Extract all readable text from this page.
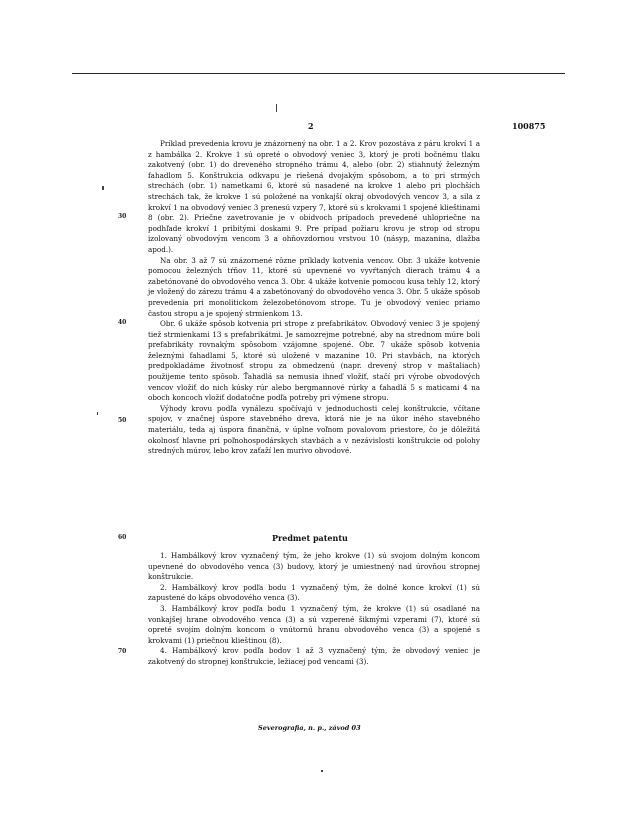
2	100875
30
40
50
60
70

Príklad prevedenia krovu je znázornený na obr. 1 a 2. Krov pozostáva z páru krokví 1 a z hambálka 2. Krokve 1 sú opreté o obvodový veniec 3, ktorý je proti bočnému tlaku zakotvený (obr. 1) do dreveného stropného trámu 4, alebo (obr. 2) stiahnutý železným fahadlom 5. Konštrukcia odkvapu je riešená dvojakým spôsobom, a to pri strmých strechách (obr. 1) nametkami 6, ktoré sú nasadené na krokve 1 alebo pri plochších strechách tak, že krokve 1 sú položené na vonkajší okraj obvodových vencov 3, a sila z krokví 1 na obvodový veniec 3 prenesú vzpery 7, ktoré sú s krokvami 1 spojené klieštinami 8 (obr. 2). Priečne zavetrovanie je v obidvoch prípadoch prevedené uhlopriečne na podhľade krokví 1 pribitými doskami 9. Pre prípad požiaru krovu je strop od stropu izolovaný obvodovým vencom 3 a ohňovzdornou vrstvou 10 (násyp, mazanina, dlažba apod.).

Na obr. 3 až 7 sú znázornené rôzne príklady kotvenia vencov. Obr. 3 ukáže kotvenie pomocou železných tŕňov 11, ktoré sú upevnené vo vyvŕtaných dierach trámu 4 a zabetónované do obvodového venca 3. Obr. 4 ukáže kotvenie pomocou kusa tehly 12, ktorý je vložený do zárezu trámu 4 a zabetónovaný do obvodového venca 3. Obr. 5 ukáže spôsob prevedenia pri monolitickom železobetónovom strope. Tu je obvodový veniec priamo častou stropu a je spojený strmienkom 13.

Obr. 6 ukáže spôsob kotvenia pri strope z prefabrikátov. Obvodový veniec 3 je spojený tiež strmienkami 13 s prefabrikátmi. Je samozrejme potrebné, aby na strednom múre boli prefabrikáty rovnakým spôsobom vzájomne spojené. Obr. 7 ukáže spôsob kotvenia železnými fahadlami 5, ktoré sú uložené v mazanine 10. Pri stavbách, na ktorých predpokladáme životnosť stropu za obmedzenú (napr. drevený strop v maštaliach) použijeme tento spôsob. Ťahadlá sa nemusia ihneď vložiť, stačí pri výrobe obvodových vencov vložiť do nich kúsky rúr alebo bergmannové rúrky a ťahadlá 5 s maticami 4 na oboch koncoch vložiť dodatočne podľa potreby pri výmene stropu.

Výhody krovu podľa vynálezu spočívajú v jednoduchosti celej konštrukcie, včítane spojov, v značnej úspore stavebného dreva, ktorá nie je na úkor iného stavebného materiálu, teda aj úspora finančná, v úplne voľnom povalovom priestore, čo je dôležitá okolnosť hlavne pri poľnohospodárskych stavbách a v nezávislosti konštrukcie od polohy stredných múrov, lebo krov zaťaží len murivo obvodové.

Predmet patentu

1. Hambálkový krov vyznačený tým, že jeho krokve (1) sú svojom dolným koncom upevnené do obvodového venca (3) budovy, ktorý je umiestnený nad úrovňou stropnej konštrukcie.

2. Hambálkový krov podľa bodu 1 vyznačený tým, že dolné konce krokví (1) sú zapustené do káps obvodového venca (3).

3. Hambálkový krov podľa bodu 1 vyznačený tým, že krokve (1) sú osadlané na vonkajšej hrane obvodového venca (3) a sú vzperené šikmými vzperami (7), ktoré sú opreté svojím dolným koncom o vnútornú hranu obvodového venca (3) a spojené s krokvami (1) priečnou klieštinou (8).

4. Hambálkový krov podľa bodov 1 až 3 vyznačený tým, že obvodový veniec je zakotvený do stropnej konštrukcie, ležiacej pod vencami (3).

Severografia, n. p., závod 03
